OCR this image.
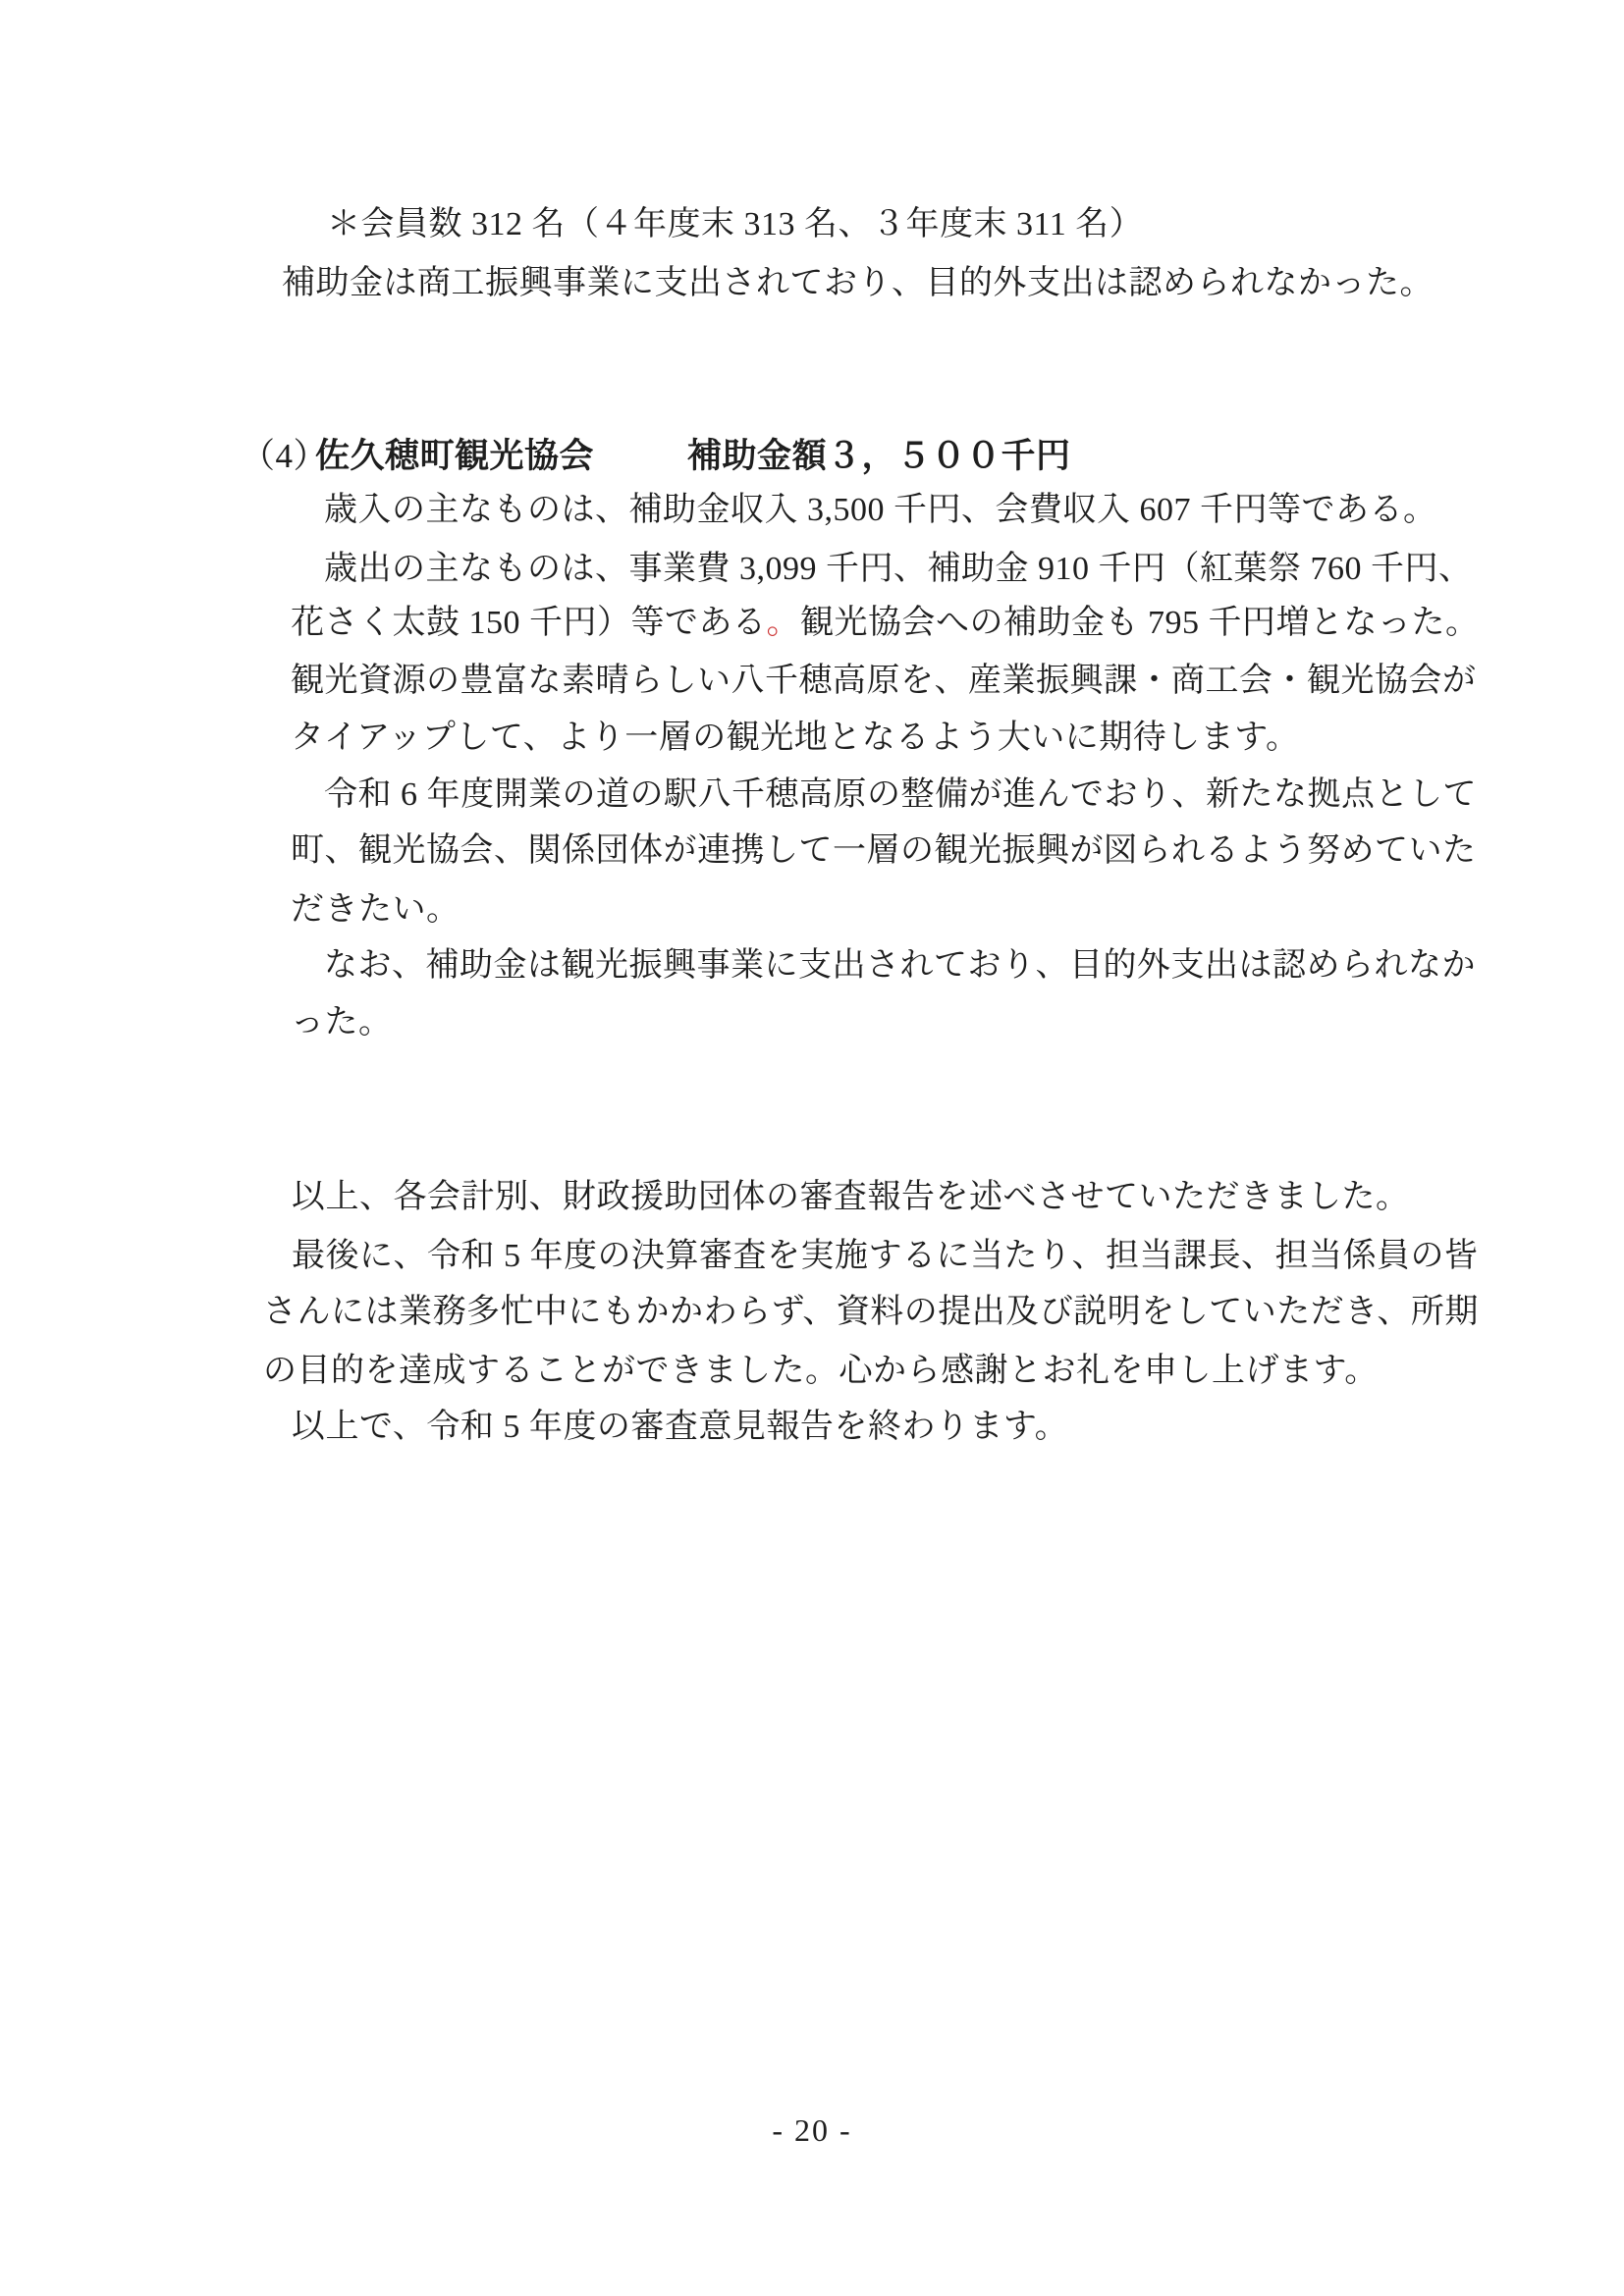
＊会員数 312 名（４年度末 313 名、３年度末 311 名）
補助金は商工振興事業に支出されており、目的外支出は認められなかった。
（4）
佐久穂町観光協会	補助金額３，５００千円
歳入の主なものは、補助金収入 3,500 千円、会費収入 607 千円等である。
歳出の主なものは、事業費 3,099 千円、補助金 910 千円（紅葉祭 760 千円、
花さく太鼓 150 千円）等である。観光協会への補助金も 795 千円増となった。
観光資源の豊富な素晴らしい八千穂高原を、産業振興課・商工会・観光協会が
タイアップして、より一層の観光地となるよう大いに期待します。
令和 6 年度開業の道の駅八千穂高原の整備が進んでおり、新たな拠点として
町、観光協会、関係団体が連携して一層の観光振興が図られるよう努めていた
だきたい。
なお、補助金は観光振興事業に支出されており、目的外支出は認められなか
った。
以上、各会計別、財政援助団体の審査報告を述べさせていただきました。
最後に、令和 5 年度の決算審査を実施するに当たり、担当課長、担当係員の皆
さんには業務多忙中にもかかわらず、資料の提出及び説明をしていただき、所期
の目的を達成することができました。心から感謝とお礼を申し上げます。
以上で、令和 5 年度の審査意見報告を終わります。
- 20 -
